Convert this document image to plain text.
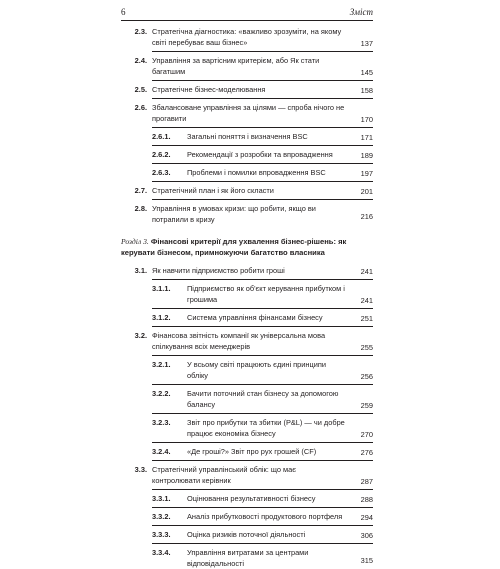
6	Зміст
2.3. Стратегічна діагностика: «важливо зрозуміти, на якому світі перебуває ваш бізнес»	137
2.4. Управління за вартісним критерієм, або Як стати багатшим	145
2.5. Стратегічне бізнес-моделювання	158
2.6. Збалансоване управління за цілями — спроба нічого не прогавити	170
2.6.1. Загальні поняття і визначення BSC	171
2.6.2. Рекомендації з розробки та впровадження	189
2.6.3. Проблеми і помилки впровадження BSC	197
2.7. Стратегічний план і як його скласти	201
2.8. Управління в умовах кризи: що робити, якщо ви потрапили в кризу	216
Розділ 3. Фінансові критерії для ухвалення бізнес-рішень: як керувати бізнесом, примножуючи багатство власника
3.1. Як навчити підприємство робити гроші	241
3.1.1. Підприємство як об'єкт керування прибутком і грошима	241
3.1.2. Система управління фінансами бізнесу	251
3.2. Фінансова звітність компанії як універсальна мова спілкування всіх менеджерів	255
3.2.1. У всьому світі працюють єдині принципи обліку	256
3.2.2. Бачити поточний стан бізнесу за допомогою балансу	259
3.2.3. Звіт про прибутки та збитки (P&L) — чи добре працює економіка бізнесу	270
3.2.4. «Де гроші?» Звіт про рух грошей (CF)	276
3.3. Стратегічний управлінський облік: що має контролювати керівник	287
3.3.1. Оцінювання результативності бізнесу	288
3.3.2. Аналіз прибутковості продуктового портфеля	294
3.3.3. Оцінка ризиків поточної діяльності	306
3.3.4. Управління витратами за центрами відповідальності	315
